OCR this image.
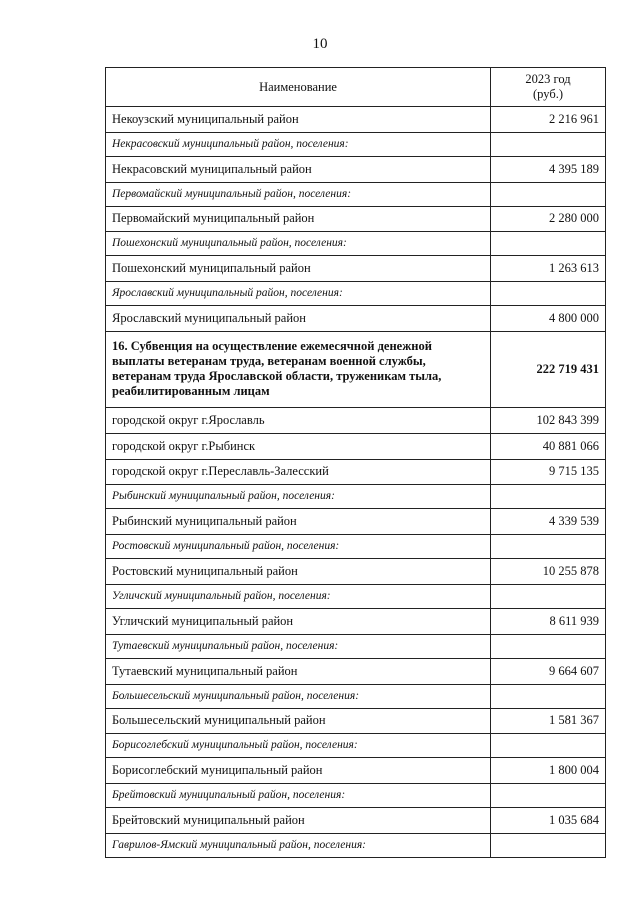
10
Наименование	2023 год
(руб.)

Некоузский муниципальный район	2 216 961
Некрасовский муниципальный район, поселения:	
Некрасовский муниципальный район	4 395 189
Первомайский муниципальный район, поселения:	
Первомайский муниципальный район	2 280 000
Пошехонский муниципальный район, поселения:	
Пошехонский муниципальный район	1 263 613
Ярославский муниципальный район, поселения:	
Ярославский муниципальный район	4 800 000
16. Субвенция на осуществление ежемесячной денежной выплаты ветеранам труда, ветеранам военной службы, ветеранам труда Ярославской области, труженикам тыла, реабилитированным лицам	222 719 431
городской округ г.Ярославль	102 843 399
городской округ г.Рыбинск	40 881 066
городской округ г.Переславль-Залесский	9 715 135
Рыбинский муниципальный район, поселения:	
Рыбинский муниципальный район	4 339 539
Ростовский муниципальный район, поселения:	
Ростовский муниципальный район	10 255 878
Угличский муниципальный район, поселения:	
Угличский муниципальный район	8 611 939
Тутаевский муниципальный район, поселения:	
Тутаевский муниципальный район	9 664 607
Большесельский муниципальный район, поселения:	
Большесельский муниципальный район	1 581 367
Борисоглебский муниципальный район, поселения:	
Борисоглебский муниципальный район	1 800 004
Брейтовский муниципальный район, поселения:	
Брейтовский муниципальный район	1 035 684
Гаврилов-Ямский муниципальный район, поселения:	
